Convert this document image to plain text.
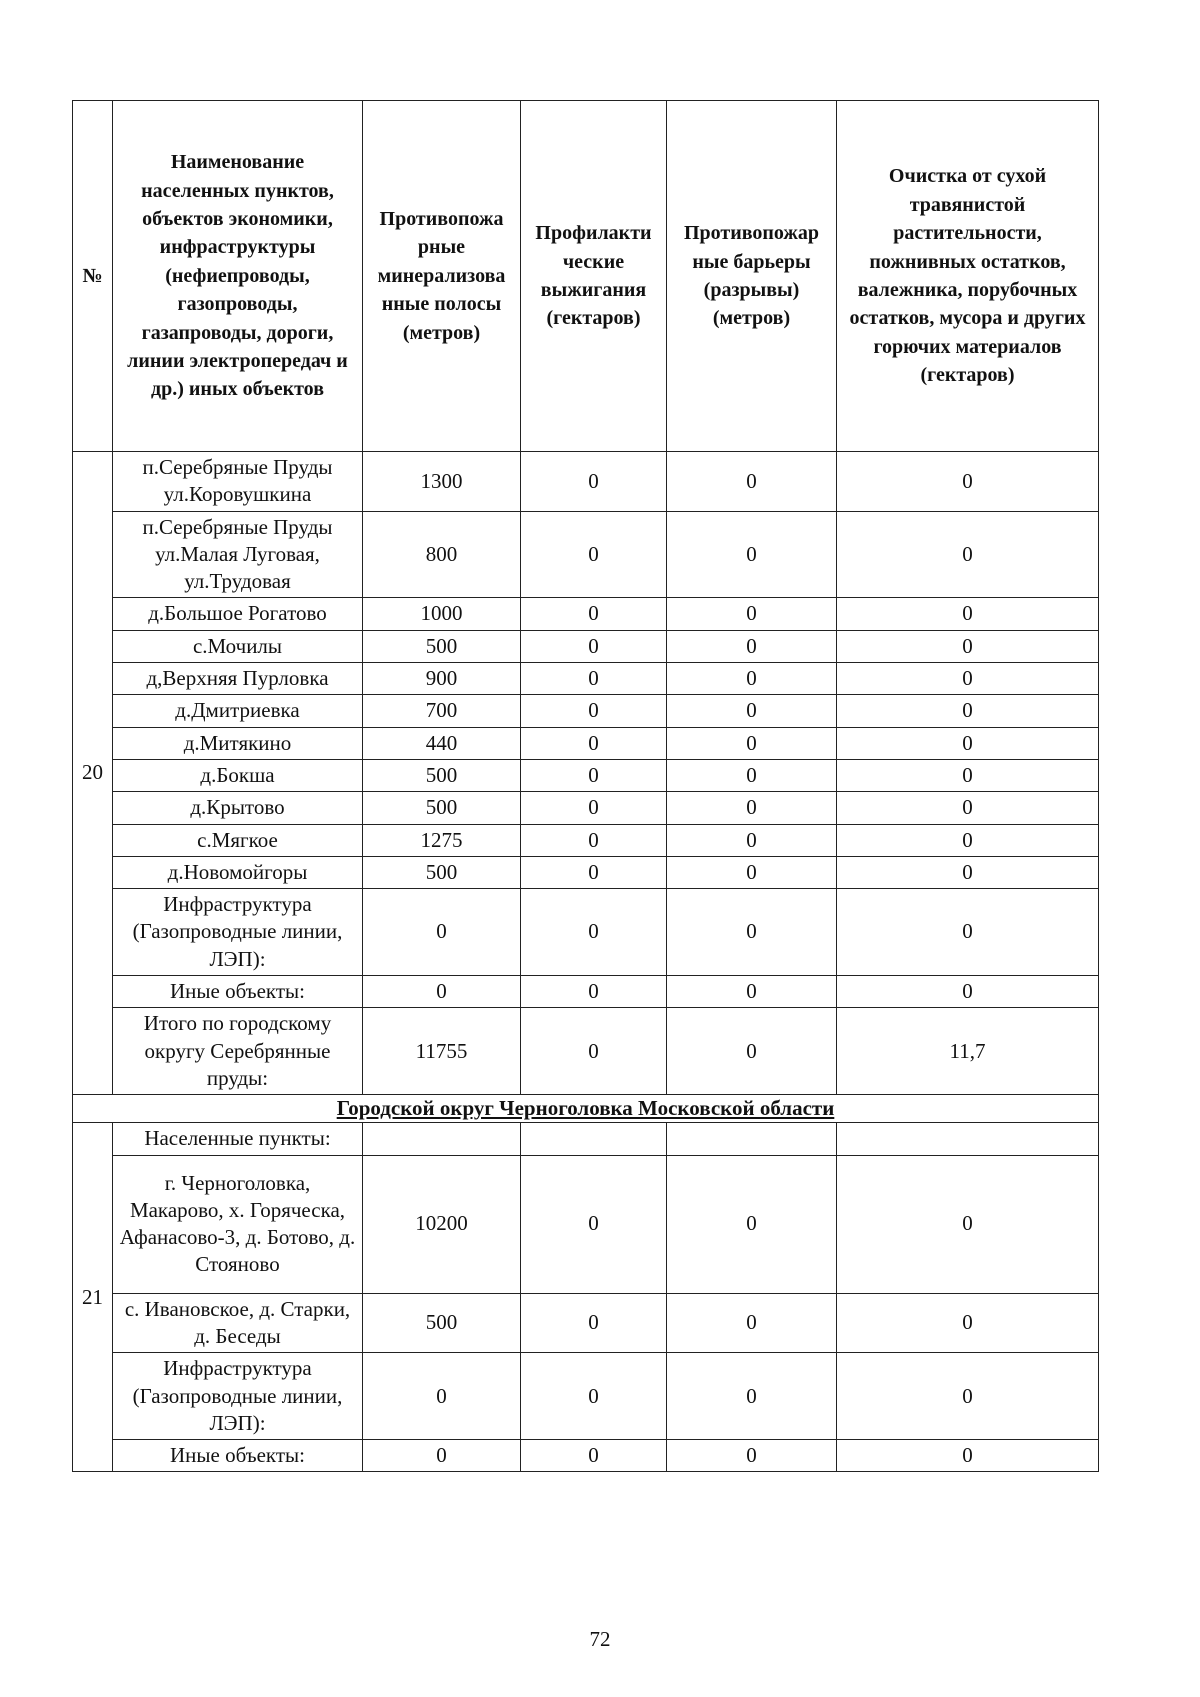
№	Наименование населенных пунктов, объектов экономики, инфраструктуры (нефиепроводы, газопроводы, газапроводы, дороги, линии электропередач и др.) иных объектов	Противопожа рные минерализова нные полосы (метров)	Профилакти ческие выжигания (гектаров)	Противопожар ные барьеры (разрывы) (метров)	Очистка от сухой травянистой растительности, пожнивных остатков, валежника, порубочных остатков, мусора и других горючих материалов (гектаров)
20	п.Серебряные Пруды ул.Коровушкина	1300	0	0	0
	п.Серебряные Пруды ул.Малая Луговая, ул.Трудовая	800	0	0	0
	д.Большое Рогатово	1000	0	0	0
	с.Мочилы	500	0	0	0
	д,Верхняя Пурловка	900	0	0	0
	д.Дмитриевка	700	0	0	0
	д.Митякино	440	0	0	0
	д.Бокша	500	0	0	0
	д.Крытово	500	0	0	0
	с.Мягкое	1275	0	0	0
	д.Новомойгоры	500	0	0	0
	Инфраструктура (Газопроводные линии, ЛЭП):	0	0	0	0
	Иные объекты:	0	0	0	0
	Итого по городскому округу Серебрянные пруды:	11755	0	0	11,7
Городской округ Черноголовка Московской области					
21	Населенные пункты:				
	г. Черноголовка, Макарово, х. Горяческа, Афанасово-3, д. Ботово, д. Стояново	10200	0	0	0
	с. Ивановское, д. Старки, д. Беседы	500	0	0	0
	Инфраструктура (Газопроводные линии, ЛЭП):	0	0	0	0
	Иные объекты:	0	0	0	0
72
